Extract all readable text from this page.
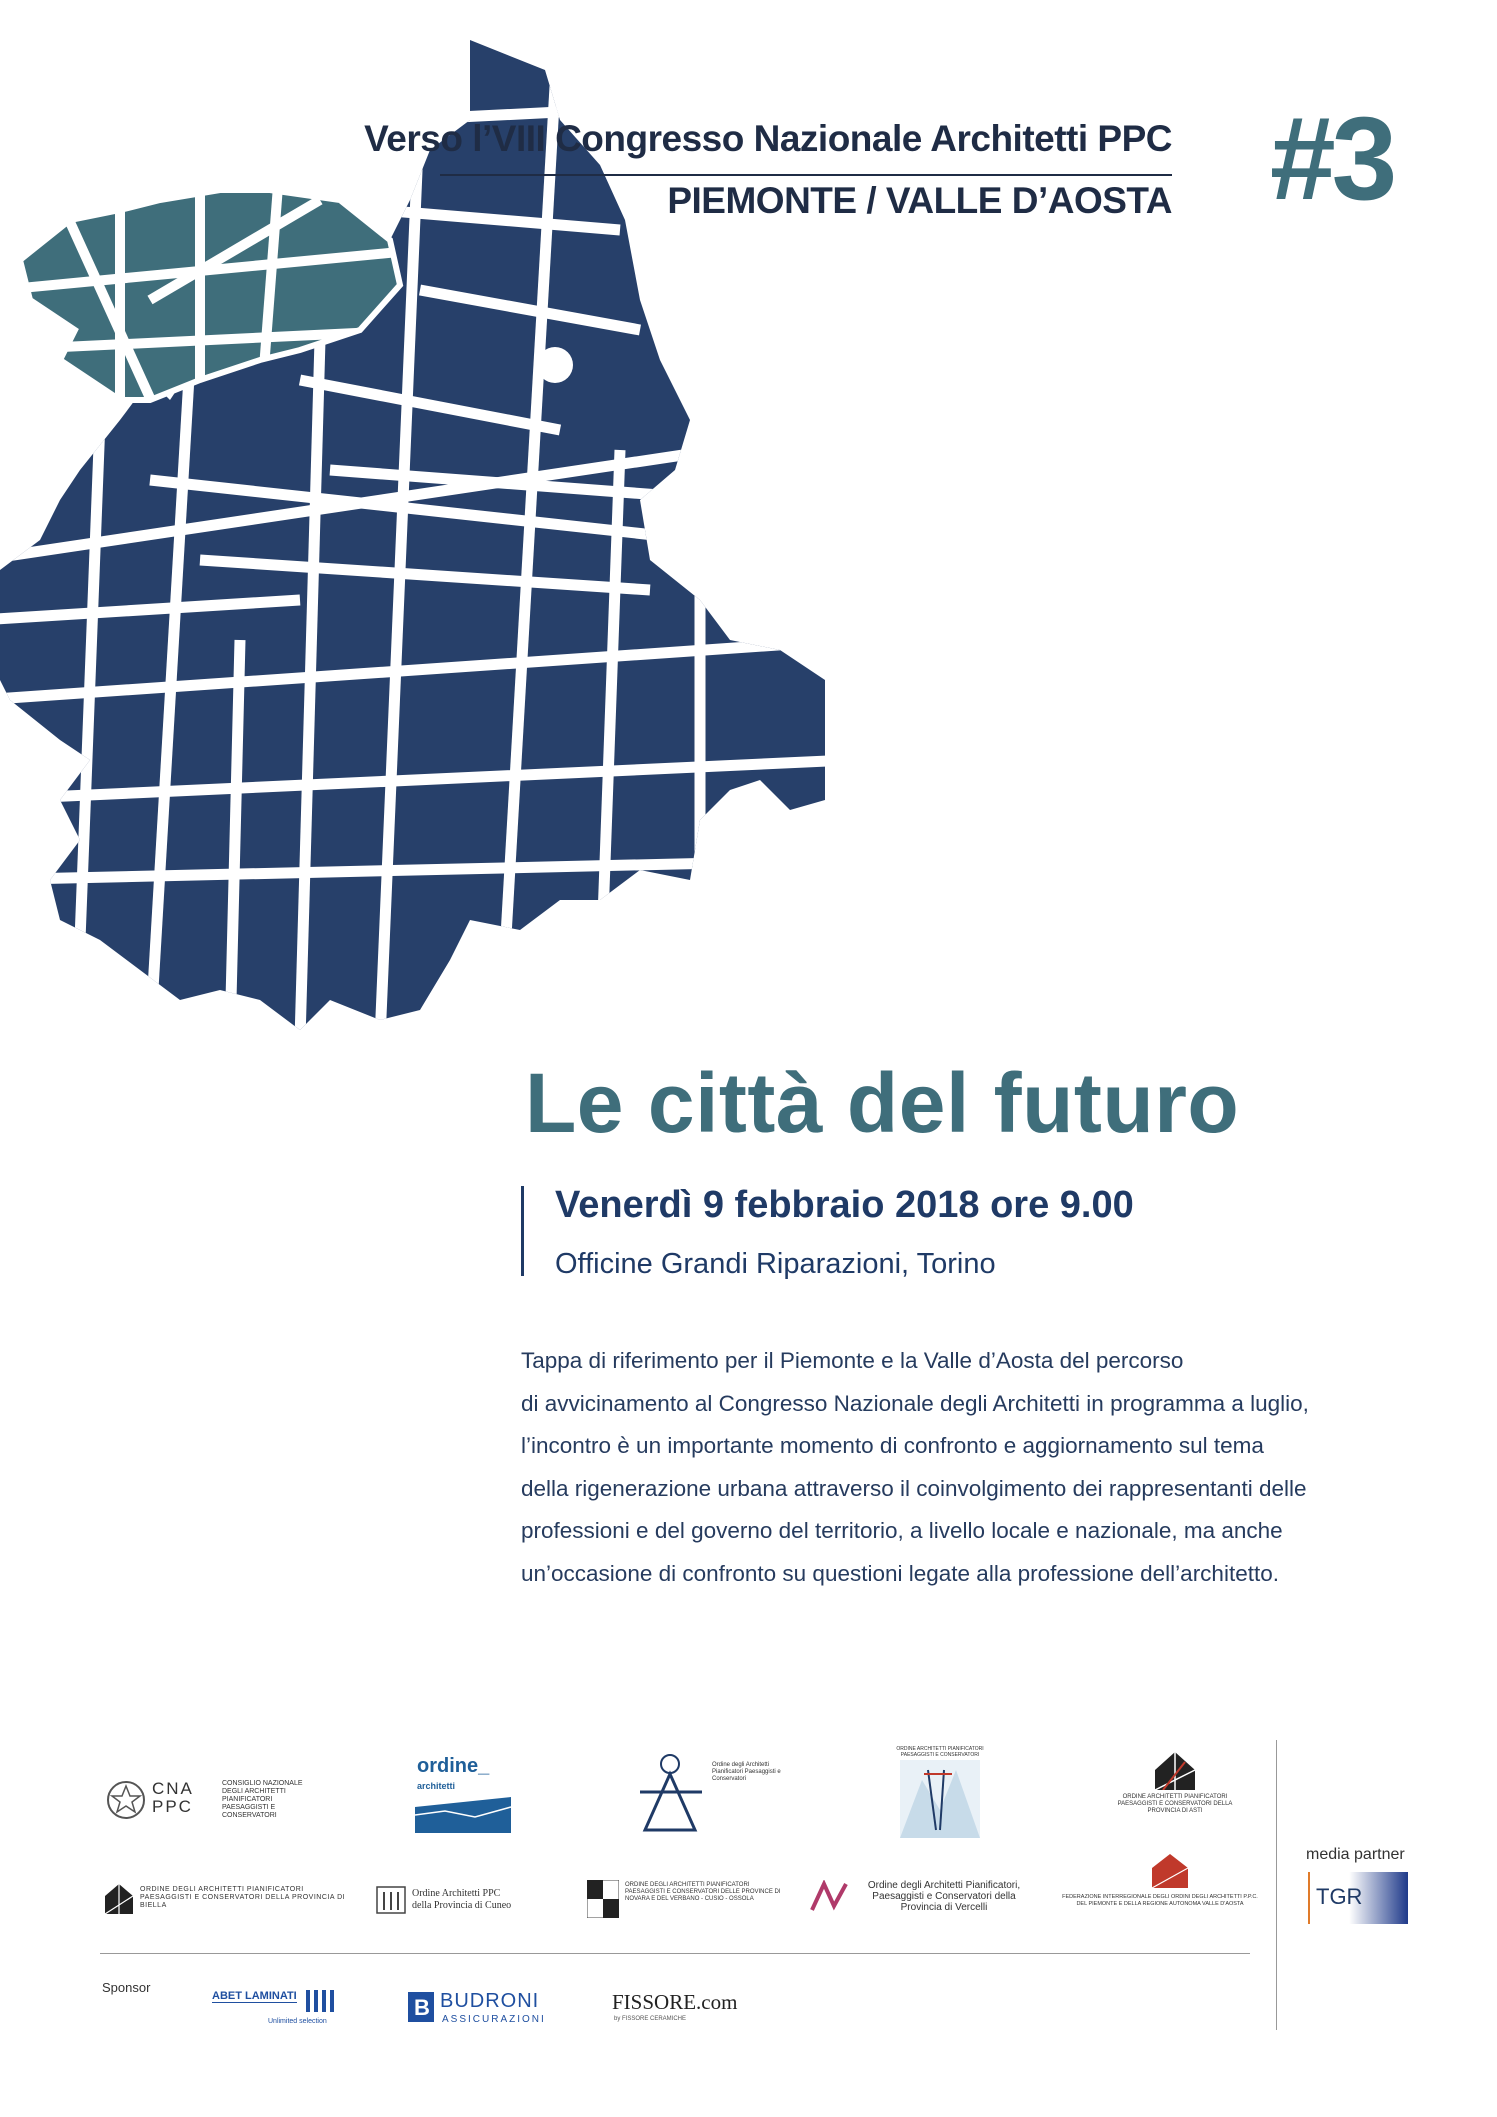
Verso l’VIII Congresso Nazionale Architetti PPC
PIEMONTE / VALLE D’AOSTA #3
Le città del futuro
Venerdì 9 febbraio 2018 ore 9.00
Officine Grandi Riparazioni, Torino

Tappa di riferimento per il Piemonte e la Valle d’Aosta del percorso

di avvicinamento al Congresso Nazionale degli Architetti in programma a luglio,

l’incontro è un importante momento di confronto e aggiornamento sul tema

della rigenerazione urbana attraverso il coinvolgimento dei rappresentanti delle

professioni e del governo del territorio, a livello locale e nazionale, ma anche

un’occasione di confronto su questioni legate alla professione dell’architetto.

CNA PPC
CONSIGLIO NAZIONALE DEGLI ARCHITETTI PIANIFICATORI PAESAGGISTI E CONSERVATORI
ordine_
architetti
Ordine degli Architetti Pianificatori Paesaggisti e Conservatori
ORDINE ARCHITETTI PIANIFICATORI PAESAGGISTI E CONSERVATORI
ORDINE ARCHITETTI PIANIFICATORI PAESAGGISTI E CONSERVATORI DELLA PROVINCIA DI ASTI
ORDINE DEGLI ARCHITETTI PIANIFICATORI PAESAGGISTI E CONSERVATORI DELLA PROVINCIA DI BIELLA
Ordine Architetti PPC della Provincia di Cuneo
ORDINE DEGLI ARCHITETTI PIANIFICATORI PAESAGGISTI E CONSERVATORI DELLE PROVINCE DI NOVARA E DEL VERBANO - CUSIO - OSSOLA
Ordine degli Architetti Pianificatori, Paesaggisti e Conservatori della Provincia di Vercelli
FEDERAZIONE INTERREGIONALE DEGLI ORDINI DEGLI ARCHITETTI P.P.C. DEL PIEMONTE E DELLA REGIONE AUTONOMA VALLE D'AOSTA
media partner
TGR
Sponsor
ABET LAMINATI
Unlimited selection
B BUDRONI
ASSICURAZIONI
FISSORE.com
by FISSORE CERAMICHE
